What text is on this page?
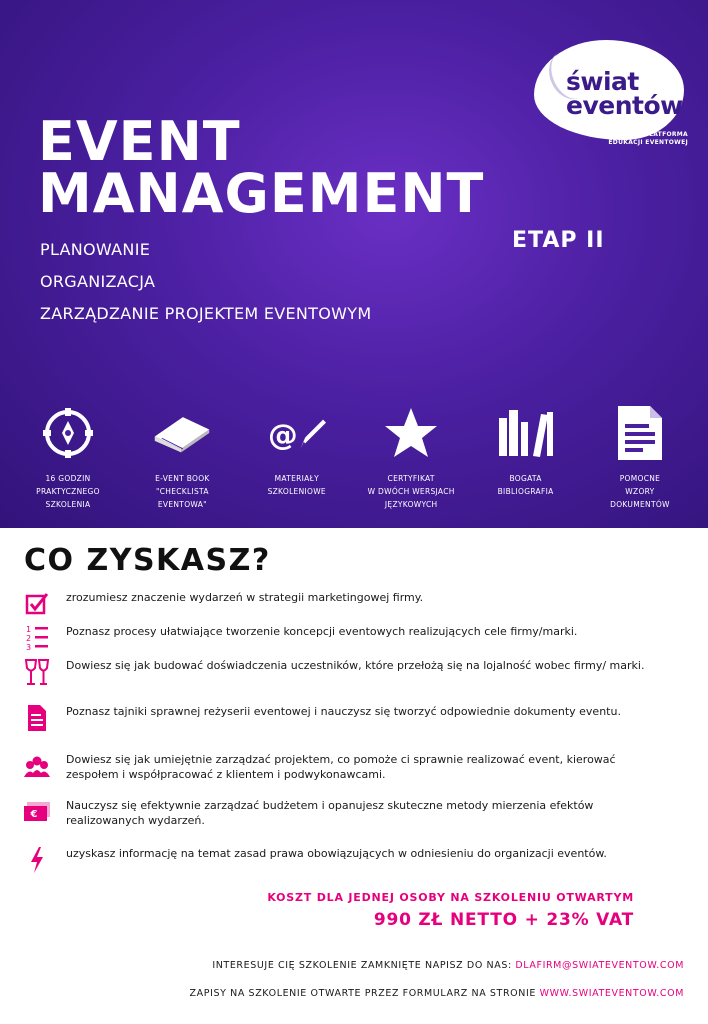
świat
eventów
PLATFORMA EDUKACJI EVENTOWEJ
EVENT
MANAGEMENT
ETAP II
PLANOWANIE
ORGANIZACJA
ZARZĄDZANIE PROJEKTEM EVENTOWYM
16 GODZIN
PRAKTYCZNEGO
SZKOLENIA
E-VENT BOOK
"CHECKLISTA
EVENTOWA"
@
MATERIAŁY
SZKOLENIOWE
CERTYFIKAT
W DWÓCH WERSJACH
JĘZYKOWYCH
BOGATA
BIBLIOGRAFIA
POMOCNE
WZORY
DOKUMENTÓW
CO ZYSKASZ?
zrozumiesz znaczenie wydarzeń w strategii marketingowej firmy.
1
2
3
Poznasz procesy ułatwiające tworzenie koncepcji eventowych realizujących cele firmy/marki.
Dowiesz się jak budować doświadczenia uczestników, które przełożą się na lojalność wobec firmy/ marki.
Poznasz tajniki sprawnej reżyserii eventowej i nauczysz się tworzyć odpowiednie dokumenty eventu.
Dowiesz się jak umiejętnie zarządzać projektem, co pomoże ci sprawnie realizować event, kierować zespołem i współpracować z klientem i podwykonawcami.
€
Nauczysz się efektywnie zarządzać budżetem i opanujesz skuteczne metody mierzenia efektów realizowanych wydarzeń.
uzyskasz informację na temat zasad prawa obowiązujących w odniesieniu do organizacji eventów.
KOSZT DLA JEDNEJ OSOBY NA SZKOLENIU OTWARTYM
990 ZŁ NETTO + 23% VAT
INTERESUJE CIĘ SZKOLENIE ZAMKNIĘTE NAPISZ DO NAS: DLAFIRM@SWIATEVENTOW.COM
ZAPISY NA SZKOLENIE OTWARTE PRZEZ FORMULARZ NA STRONIE WWW.SWIATEVENTOW.COM
